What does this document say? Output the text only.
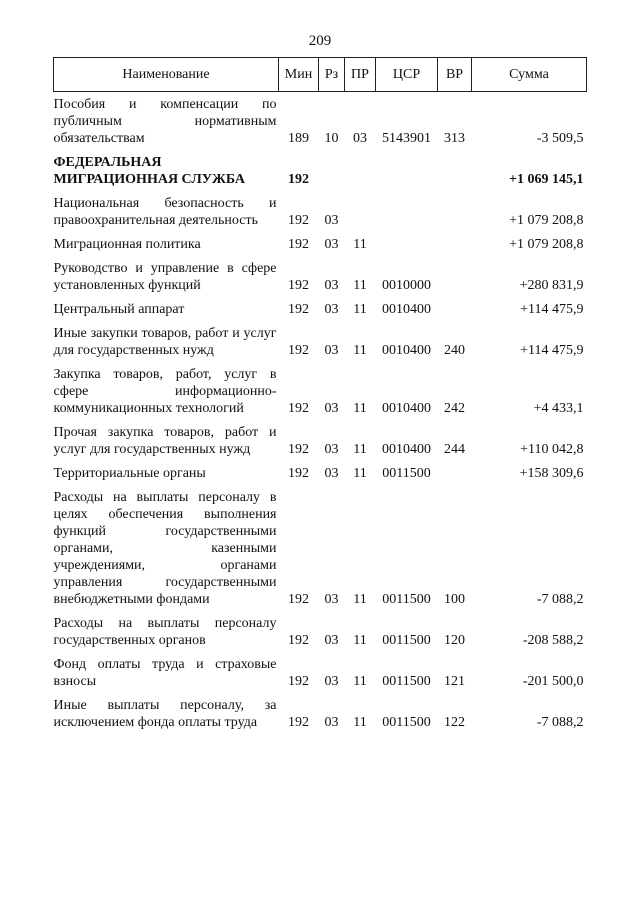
209
Наименование	Мин	Рз	ПР	ЦСР	ВР	Сумма
Пособия и компенсации по публичным нормативным обязательствам	189	10	03	5143901	313	-3 509,5
ФЕДЕРАЛЬНАЯ МИГРАЦИОННАЯ СЛУЖБА	192					+1 069 145,1
Национальная безопасность и правоохранительная деятельность	192	03				+1 079 208,8
Миграционная политика	192	03	11			+1 079 208,8
Руководство и управление в сфере установленных функций	192	03	11	0010000		+280 831,9
Центральный аппарат	192	03	11	0010400		+114 475,9
Иные закупки товаров, работ и услуг для государственных нужд	192	03	11	0010400	240	+114 475,9
Закупка товаров, работ, услуг в сфере информационно-коммуникационных технологий	192	03	11	0010400	242	+4 433,1
Прочая закупка товаров, работ и услуг для государственных нужд	192	03	11	0010400	244	+110 042,8
Территориальные органы	192	03	11	0011500		+158 309,6
Расходы на выплаты персоналу в целях обеспечения выполнения функций государственными органами, казенными учреждениями, органами управления государственными внебюджетными фондами	192	03	11	0011500	100	-7 088,2
Расходы на выплаты персоналу государственных органов	192	03	11	0011500	120	-208 588,2
Фонд оплаты труда и страховые взносы	192	03	11	0011500	121	-201 500,0
Иные выплаты персоналу, за исключением фонда оплаты труда	192	03	11	0011500	122	-7 088,2
